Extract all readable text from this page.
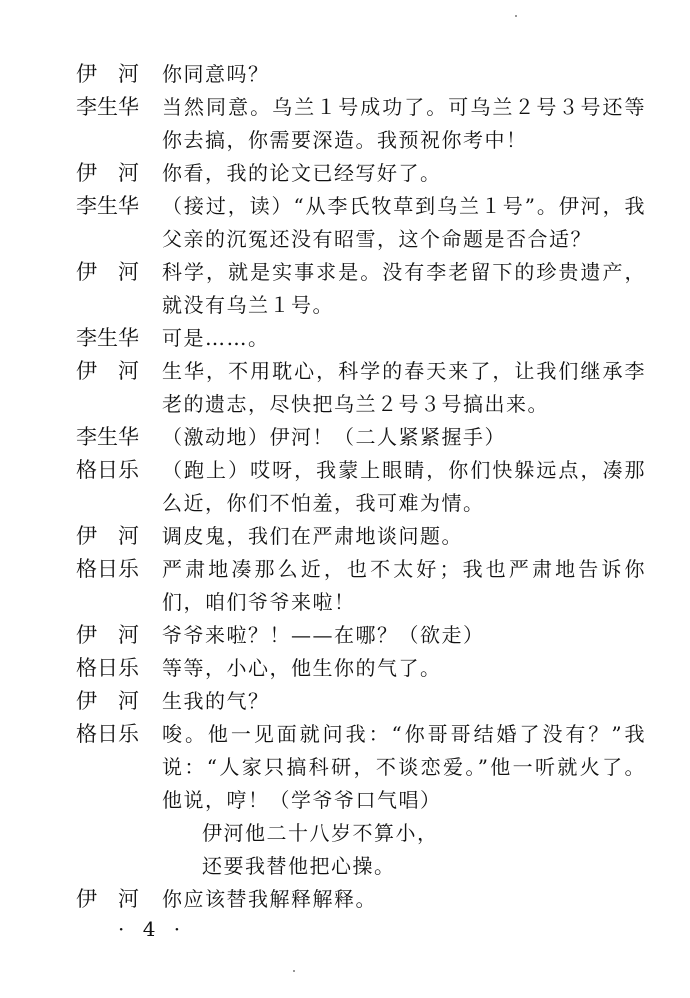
伊　河	你同意吗？
李生华	当然同意。乌兰１号成功了。可乌兰２号３号还等你去搞，你需要深造。我预祝你考中！
伊　河	你看，我的论文已经写好了。
李生华	（接过，读）“从李氏牧草到乌兰１号”。伊河，我父亲的沉冤还没有昭雪，这个命题是否合适？
伊　河	科学，就是实事求是。没有李老留下的珍贵遗产，就没有乌兰１号。
李生华	可是……。
伊　河	生华，不用耽心，科学的春天来了，让我们继承李老的遗志，尽快把乌兰２号３号搞出来。
李生华	（激动地）伊河！（二人紧紧握手）
格日乐	（跑上）哎呀，我蒙上眼睛，你们快躲远点，凑那么近，你们不怕羞，我可难为情。
伊　河	调皮鬼，我们在严肃地谈问题。
格日乐	严肃地凑那么近，也不太好；我也严肃地告诉你们，咱们爷爷来啦！
伊　河	爷爷来啦？！——在哪？（欲走）
格日乐	等等，小心，他生你的气了。
伊　河	生我的气？
格日乐	唆。他一见面就问我：“你哥哥结婚了没有？”我说：“人家只搞科研，不谈恋爱。”他一听就火了。他说，哼！（学爷爷口气唱）
伊河他二十八岁不算小，
还要我替他把心操。
伊　河	你应该替我解释解释。
· 4 ·
